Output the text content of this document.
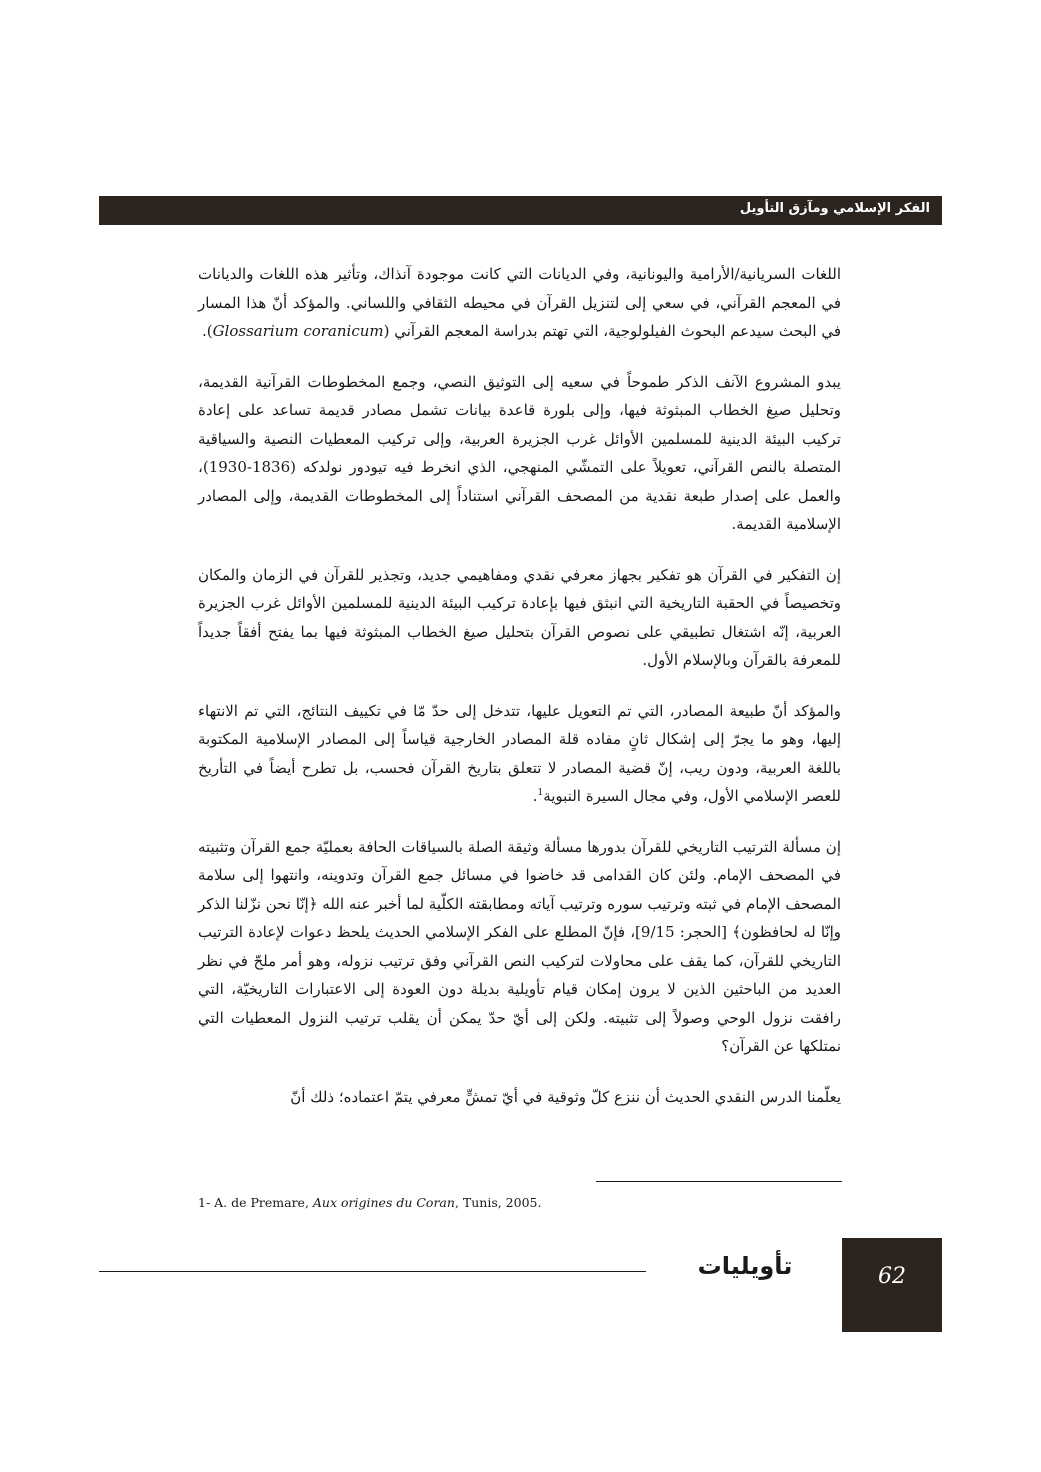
الفكر الإسلامي ومآزق التأويل

اللغات السريانية/الأرامية واليونانية، وفي الديانات التي كانت موجودة آنذاك، وتأثير هذه اللغات والديانات في المعجم القرآني، في سعي إلى لتنزيل القرآن في محيطه الثقافي واللساني. والمؤكد أنّ هذا المسار في البحث سيدعم البحوث الفيلولوجية، التي تهتم بدراسة المعجم القرآني (Glossarium coranicum).

يبدو المشروع الآنف الذكر طموحاً في سعيه إلى التوثيق النصي، وجمع المخطوطات القرآنية القديمة، وتحليل صيغ الخطاب المبثوثة فيها، وإلى بلورة قاعدة بيانات تشمل مصادر قديمة تساعد على إعادة تركيب البيئة الدينية للمسلمين الأوائل غرب الجزيرة العربية، وإلى تركيب المعطيات النصية والسياقية المتصلة بالنص القرآني، تعويلاً على التمشّي المنهجي، الذي انخرط فيه تيودور نولدكه (1836-1930)، والعمل على إصدار طبعة نقدية من المصحف القرآني استناداً إلى المخطوطات القديمة، وإلى المصادر الإسلامية القديمة.

إن التفكير في القرآن هو تفكير بجهاز معرفي نقدي ومفاهيمي جديد، وتجذير للقرآن في الزمان والمكان وتخصيصاً في الحقبة التاريخية التي انبثق فيها بإعادة تركيب البيئة الدينية للمسلمين الأوائل غرب الجزيرة العربية، إنّه اشتغال تطبيقي على نصوص القرآن بتحليل صيغ الخطاب المبثوثة فيها بما يفتح أفقاً جديداً للمعرفة بالقرآن وبالإسلام الأول.

والمؤكد أنّ طبيعة المصادر، التي تم التعويل عليها، تتدخل إلى حدّ مّا في تكييف النتائج، التي تم الانتهاء إليها، وهو ما يجرّ إلى إشكال ثانٍ مفاده قلة المصادر الخارجية قياساً إلى المصادر الإسلامية المكتوبة باللغة العربية، ودون ريب، إنّ قضية المصادر لا تتعلق بتاريخ القرآن فحسب، بل تطرح أيضاً في التأريخ للعصر الإسلامي الأول، وفي مجال السيرة النبوية$^1$.

إن مسألة الترتيب التاريخي للقرآن بدورها مسألة وثيقة الصلة بالسياقات الحافة بعمليّة جمع القرآن وتثبيته في المصحف الإمام. ولئن كان القدامى قد خاضوا في مسائل جمع القرآن وتدوينه، وانتهوا إلى سلامة المصحف الإمام في ثبته وترتيب سوره وترتيب آياته ومطابقته الكلّية لما أخبر عنه الله ﴿إنّا نحن نزّلنا الذكر وإنّا له لحافظون﴾ [الحجر: 9/15]، فإنّ المطلع على الفكر الإسلامي الحديث يلحظ دعوات لإعادة الترتيب التاريخي للقرآن، كما يقف على محاولات لتركيب النص القرآني وفق ترتيب نزوله، وهو أمر ملحّ في نظر العديد من الباحثين الذين لا يرون إمكان قيام تأويلية بديلة دون العودة إلى الاعتبارات التاريخيّة، التي رافقت نزول الوحي وصولاً إلى تثبيته. ولكن إلى أيّ حدّ يمكن أن يقلب ترتيب النزول المعطيات التي نمتلكها عن القرآن؟

يعلّمنا الدرس النقدي الحديث أن ننزع كلّ وثوقية في أيّ تمشٍّ معرفي يتمّ اعتماده؛ ذلك أنّ

1- A. de Premare, Aux origines du Coran, Tunis, 2005.
تأويليات	62
